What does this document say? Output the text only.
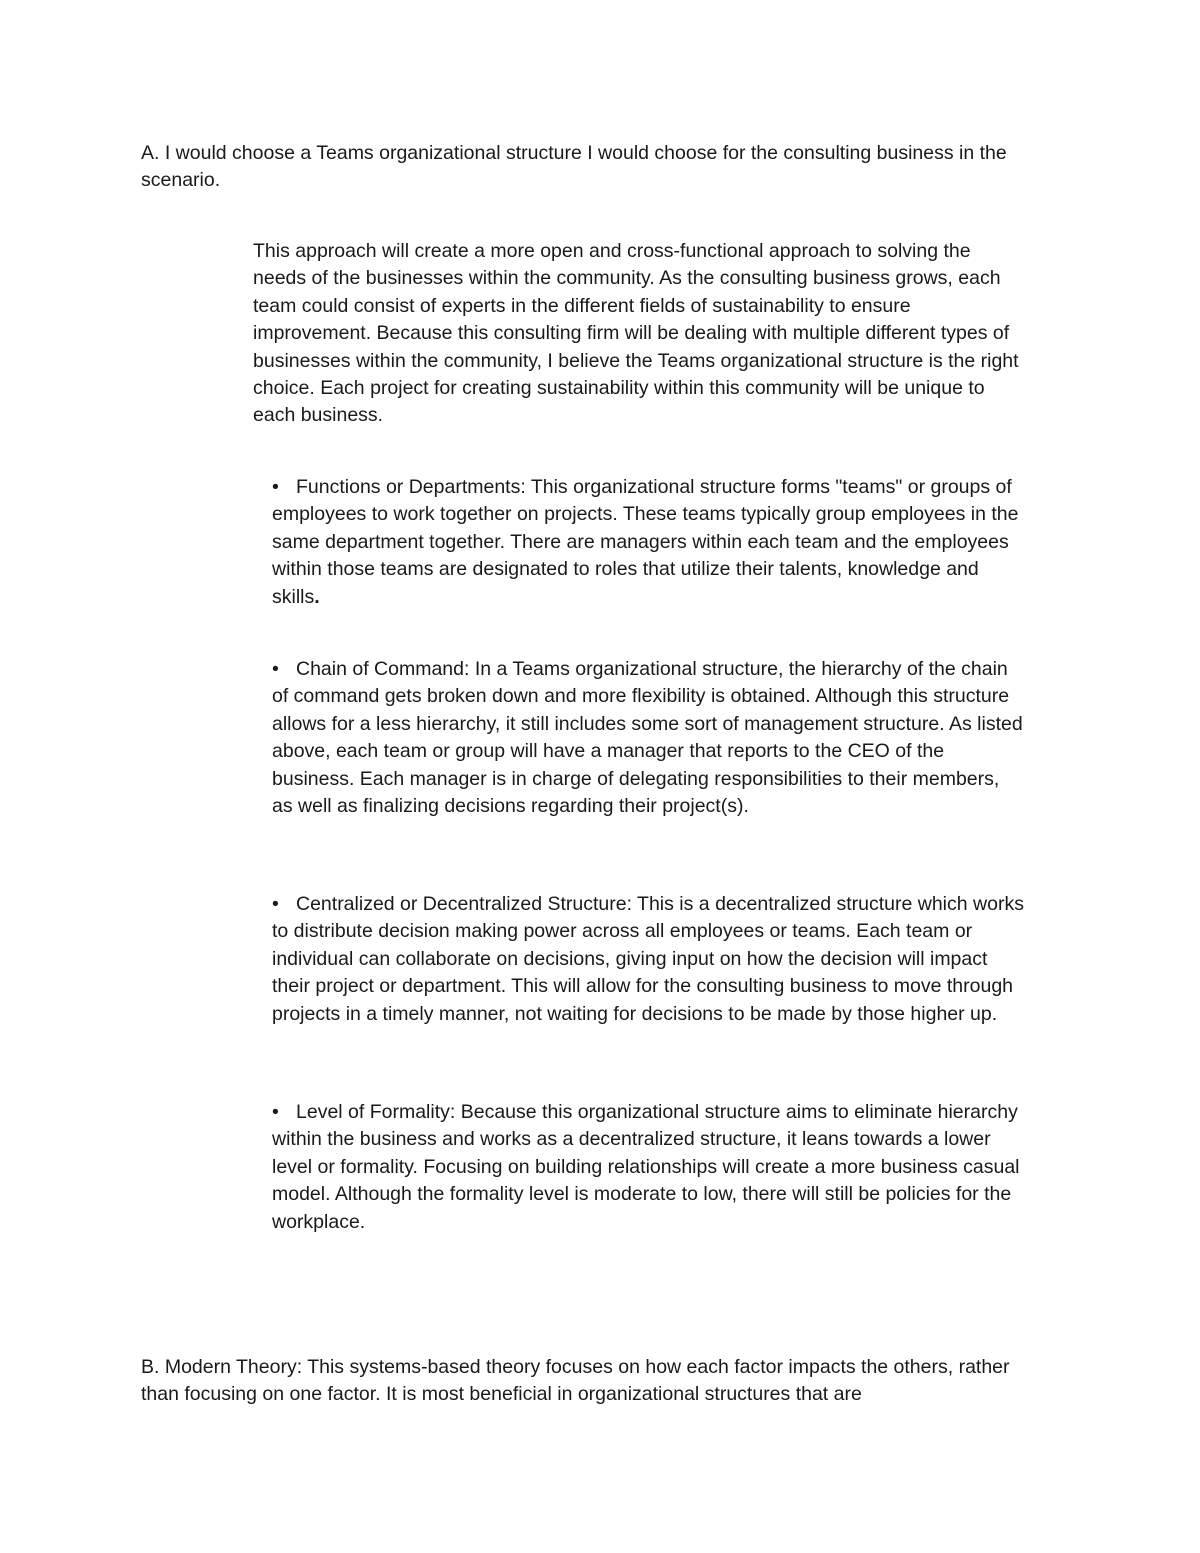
A. I would choose a Teams organizational structure I would choose for the consulting business in the scenario.

This approach will create a more open and cross-functional approach to solving the needs of the businesses within the community. As the consulting business grows, each team could consist of experts in the different fields of sustainability to ensure improvement. Because this consulting firm will be dealing with multiple different types of businesses within the community, I believe the Teams organizational structure is the right choice. Each project for creating sustainability within this community will be unique to each business.

• Functions or Departments: This organizational structure forms "teams" or groups of employees to work together on projects. These teams typically group employees in the same department together. There are managers within each team and the employees within those teams are designated to roles that utilize their talents, knowledge and skills.

• Chain of Command: In a Teams organizational structure, the hierarchy of the chain of command gets broken down and more flexibility is obtained. Although this structure allows for a less hierarchy, it still includes some sort of management structure. As listed above, each team or group will have a manager that reports to the CEO of the business. Each manager is in charge of delegating responsibilities to their members, as well as finalizing decisions regarding their project(s).

• Centralized or Decentralized Structure: This is a decentralized structure which works to distribute decision making power across all employees or teams. Each team or individual can collaborate on decisions, giving input on how the decision will impact their project or department. This will allow for the consulting business to move through projects in a timely manner, not waiting for decisions to be made by those higher up.

• Level of Formality: Because this organizational structure aims to eliminate hierarchy within the business and works as a decentralized structure, it leans towards a lower level or formality. Focusing on building relationships will create a more business casual model. Although the formality level is moderate to low, there will still be policies for the workplace.

B. Modern Theory: This systems-based theory focuses on how each factor impacts the others, rather than focusing on one factor. It is most beneficial in organizational structures that are
